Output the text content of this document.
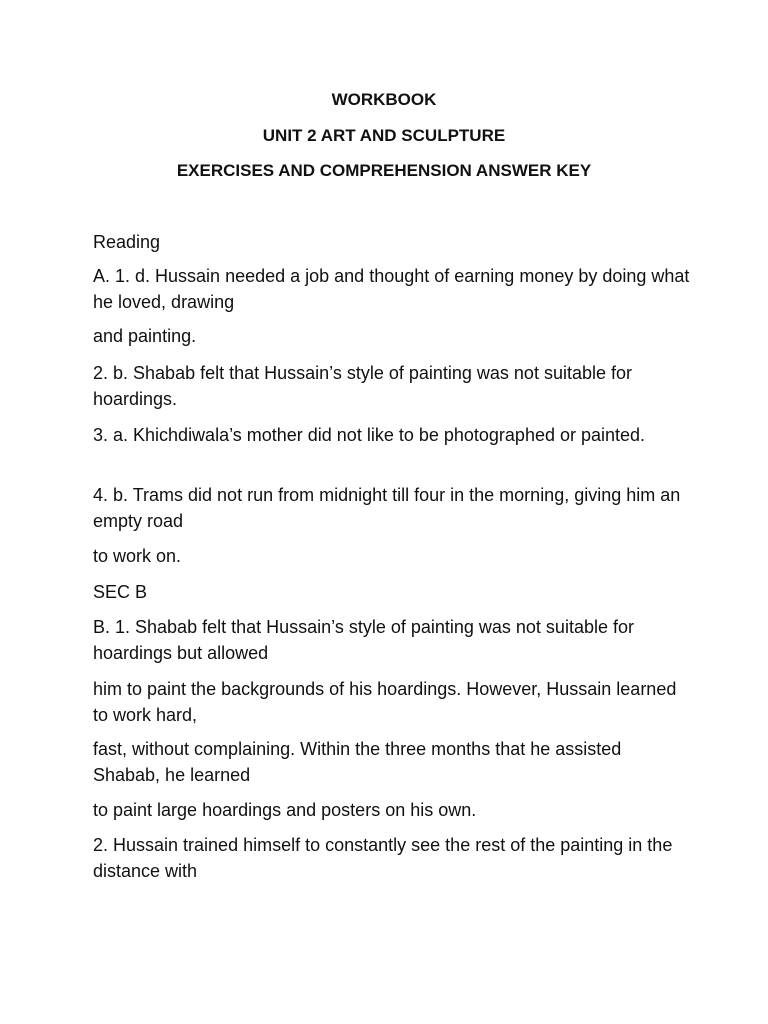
WORKBOOK
UNIT 2 ART AND SCULPTURE
EXERCISES AND COMPREHENSION ANSWER KEY

Reading

A. 1. d. Hussain needed a job and thought of earning money by doing what he loved, drawing

and painting.

2. b. Shabab felt that Hussain’s style of painting was not suitable for hoardings.

3. a. Khichdiwala’s mother did not like to be photographed or painted.

4. b. Trams did not run from midnight till four in the morning, giving him an empty road

to work on.

SEC B

B. 1. Shabab felt that Hussain’s style of painting was not suitable for hoardings but allowed

him to paint the backgrounds of his hoardings. However, Hussain learned to work hard,

fast, without complaining. Within the three months that he assisted Shabab, he learned

to paint large hoardings and posters on his own.

2. Hussain trained himself to constantly see the rest of the painting in the distance with
